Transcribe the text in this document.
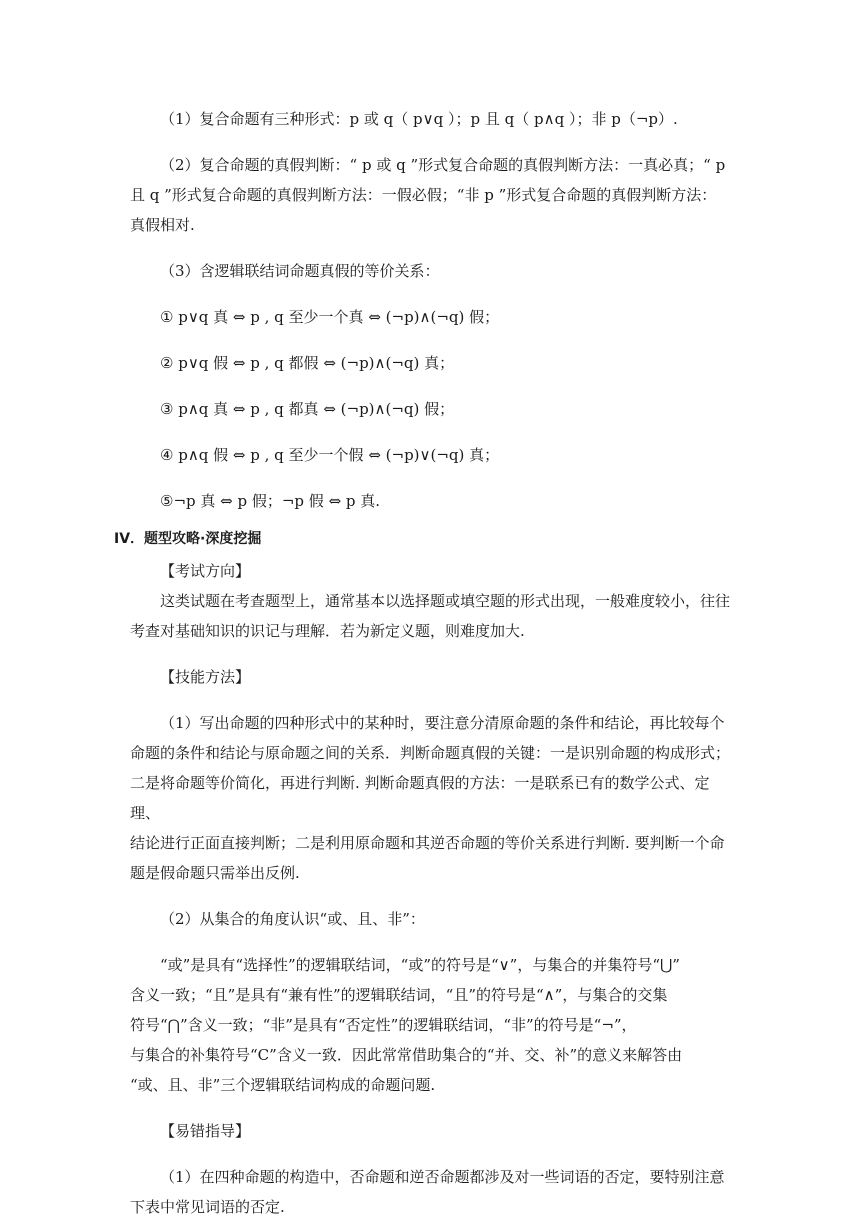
（1）复合命题有三种形式：p 或 q（ p∨q ）；p 且 q（ p∧q ）；非 p（¬p）.

（2）复合命题的真假判断：“ p 或 q ”形式复合命题的真假判断方法：一真必真；“ p

且 q ”形式复合命题的真假判断方法：一假必假；“非 p ”形式复合命题的真假判断方法：

真假相对.

（3）含逻辑联结词命题真假的等价关系：

① p∨q 真 ⇔ p , q 至少一个真 ⇔ (¬p)∧(¬q) 假；

② p∨q 假 ⇔ p , q 都假 ⇔ (¬p)∧(¬q) 真；

③ p∧q 真 ⇔ p , q 都真 ⇔ (¬p)∧(¬q) 假；

④ p∧q 假 ⇔ p , q 至少一个假 ⇔ (¬p)∨(¬q) 真；

⑤¬p 真 ⇔ p 假；¬p 假 ⇔ p 真.

IV．题型攻略·深度挖掘

【考试方向】

这类试题在考查题型上，通常基本以选择题或填空题的形式出现，一般难度较小，往往

考查对基础知识的识记与理解．若为新定义题，则难度加大.

【技能方法】

（1）写出命题的四种形式中的某种时，要注意分清原命题的条件和结论，再比较每个

命题的条件和结论与原命题之间的关系．判断命题真假的关键：一是识别命题的构成形式；

二是将命题等价简化，再进行判断. 判断命题真假的方法：一是联系已有的数学公式、定理、

结论进行正面直接判断；二是利用原命题和其逆否命题的等价关系进行判断. 要判断一个命

题是假命题只需举出反例.

（2）从集合的角度认识“或、且、非”：

“或”是具有“选择性”的逻辑联结词，“或”的符号是“∨”，与集合的并集符号“⋃”

含义一致；“且”是具有“兼有性”的逻辑联结词，“且”的符号是“∧”，与集合的交集

符号“⋂”含义一致；“非”是具有“否定性”的逻辑联结词，“非”的符号是“¬”，

与集合的补集符号“C”含义一致．因此常常借助集合的“并、交、补”的意义来解答由

“或、且、非”三个逻辑联结词构成的命题问题.

【易错指导】

（1）在四种命题的构造中，否命题和逆否命题都涉及对一些词语的否定，要特别注意

下表中常见词语的否定.
